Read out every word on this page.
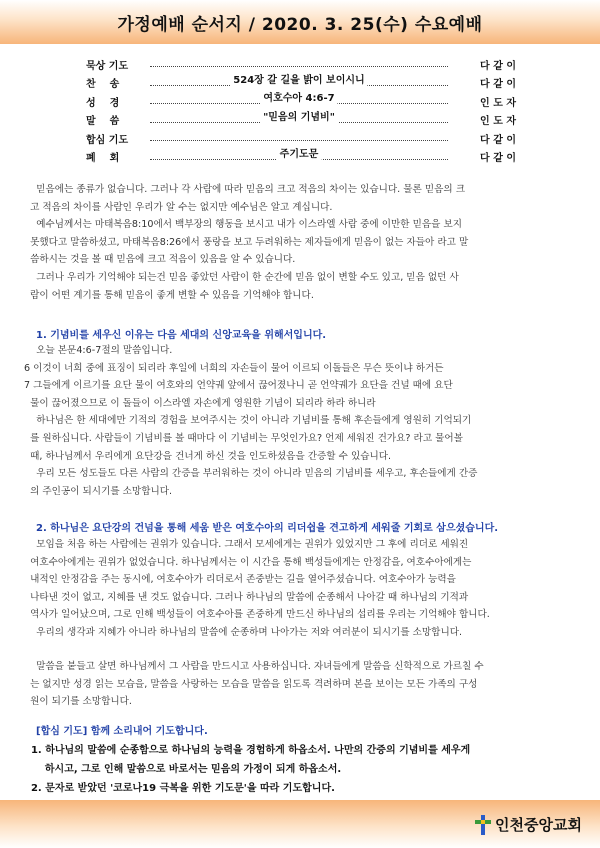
가정예배 순서지 / 2020. 3. 25(수) 수요예배
묵상 기도	다 같 이
찬    송	524장 갈 길을 밝이 보이시니	다 같 이
성    경	여호수아 4:6-7	인 도 자
말    씀	"믿음의 기념비"	인 도 자
합심 기도	다 같 이
폐    회	주기도문	다 같 이

믿음에는 종류가 없습니다. 그러나 각 사람에 따라 믿음의 크고 적음의 차이는 있습니다. 물론 믿음의 크

고 적음의 차이를 사람인 우리가 알 수는 없지만 예수님은 알고 계십니다.

예수님께서는 마태복음8:10에서 백부장의 행동을 보시고 내가 이스라엘 사람 중에 이만한 믿음을 보지

못했다고 말씀하셨고, 마태복음8:26에서 풍랑을 보고 두려워하는 제자들에게 믿음이 없는 자들아 라고 말

씀하시는 것을 볼 때 믿음에 크고 적음이 있음을 알 수 있습니다.

그러나 우리가 기억해야 되는건 믿음 좋았던 사람이 한 순간에 믿음 없이 변할 수도 있고, 믿음 없던 사

람이 어떤 계기를 통해 믿음이 좋게 변할 수 있음을 기억해야 합니다.

1. 기념비를 세우신 이유는 다음 세대의 신앙교육을 위해서입니다.

오늘 본문4:6-7절의 말씀입니다.

6 이것이 너희 중에 표징이 되리라 후일에 너희의 자손들이 물어 이르되 이돌들은 무슨 뜻이냐 하거든

7 그들에게 이르기를 요단 물이 여호와의 언약궤 앞에서 끊어졌나니 곧 언약궤가 요단을 건널 때에 요단

물이 끊어졌으므로 이 돌들이 이스라엘 자손에게 영원한 기념이 되리라 하라 하니라

하나님은 한 세대에만 기적의 경험을 보여주시는 것이 아니라 기념비를 통해 후손들에게 영원히 기억되기

를 원하십니다. 사람들이 기념비를 볼 때마다 이 기념비는 무엇인가요? 언제 세워진 건가요? 라고 물어볼

때, 하나님께서 우리에게 요단강을 건너게 하신 것을 인도하셨음을 간증할 수 있습니다.

우리 모든 성도들도 다른 사람의 간증을 부러워하는 것이 아니라 믿음의 기념비를 세우고, 후손들에게 간증

의 주인공이 되시기를 소망합니다.

2. 하나님은 요단강의 건넘을 통해 세움 받은 여호수아의 리더쉽을 견고하게 세워줄 기회로 삼으셨습니다.

모임을 처음 하는 사람에는 권위가 있습니다. 그래서 모세에게는 권위가 있었지만 그 후에 리더로 세워진

여호수아에게는 권위가 없었습니다. 하나님께서는 이 시간을 통해 백성들에게는 안정감을, 여호수아에게는

내적인 안정감을 주는 동시에, 여호수아가 리더로서 존중받는 길을 열어주셨습니다. 여호수아가 능력을

나타낸 것이 없고, 지혜를 낸 것도 없습니다. 그러나 하나님의 말씀에 순종해서 나아갈 때 하나님의 기적과

역사가 일어났으며, 그로 인해 백성들이 여호수아를 존중하게 만드신 하나님의 섭리를 우리는 기억해야 합니다.

우리의 생각과 지혜가 아니라 하나님의 말씀에 순종하며 나아가는 저와 여러분이 되시기를 소망합니다.

말씀을 붙들고 살면 하나님께서 그 사람을 만드시고 사용하십니다. 자녀들에게 말씀을 신학적으로 가르칠 수

는 없지만 성경 읽는 모습을, 말씀을 사랑하는 모습을 말씀을 읽도록 격려하며 본을 보이는 모든 가족의 구성

원이 되기를 소망합니다.

[합심 기도] 함께 소리내어 기도합니다.
1. 하나님의 말씀에 순종함으로 하나님의 능력을 경험하게 하옵소서. 나만의 간증의 기념비를 세우게
하시고, 그로 인해 말씀으로 바로서는 믿음의 가정이 되게 하옵소서.
2. 문자로 받았던 '코로나19 극복을 위한 기도문'을 따라 기도합니다.
인천중앙교회
